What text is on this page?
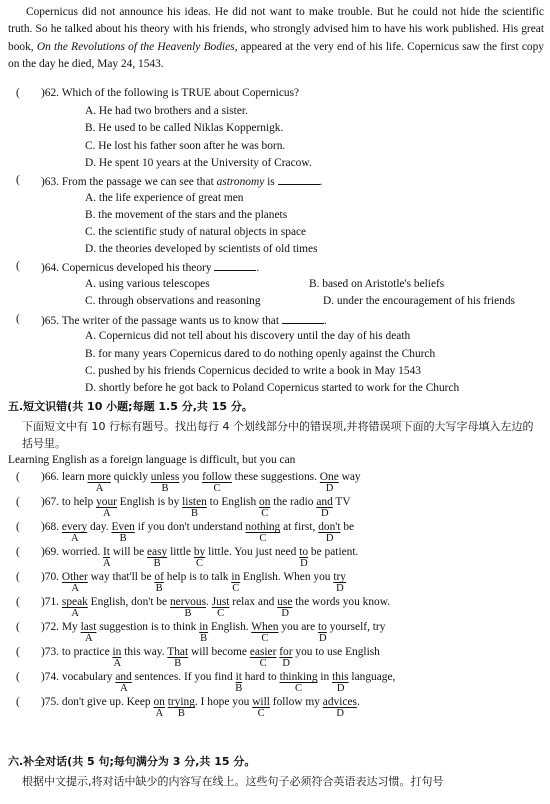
Copernicus did not announce his ideas. He did not want to make trouble. But he could not hide the scientific truth. So he talked about his theory with his friends, who strongly advised him to have his work published. His great book, On the Revolutions of the Heavenly Bodies, appeared at the very end of his life. Copernicus saw the first copy on the day he died, May 24, 1543.
( )62. Which of the following is TRUE about Copernicus?
A. He had two brothers and a sister.
B. He used to be called Niklas Koppernigk.
C. He lost his father soon after he was born.
D. He spent 10 years at the University of Cracow.
( )63. From the passage we can see that astronomy is	.
A. the life experience of great men
B. the movement of the stars and the planets
C. the scientific study of natural objects in space
D. the theories developed by scientists of old times
( )64. Copernicus developed his theory	.
A. using various telescopes	B. based on Aristotle's beliefs
C. through observations and reasoning	D. under the encouragement of his friends
( )65. The writer of the passage wants us to know that	.
A. Copernicus did not tell about his discovery until the day of his death
B. for many years Copernicus dared to do nothing openly against the Church
C. pushed by his friends Copernicus decided to write a book in May 1543
D. shortly before he got back to Poland Copernicus started to work for the Church
五.短文识错(共 10 小题;每题 1.5 分,共 15 分。
下面短文中有 10 行标有题号。找出每行 4 个划线部分中的错误项,并将错误项下面的大写字母填入左边的括号里。
Learning English as a foreign language is difficult, but you can
( )66. learn more quickly unless you follow these suggestions. One way
( )67. to help your English is by listen to English on the radio and TV
( )68. every day. Even if you don't understand nothing at first, don't be
( )69. worried. It will be easy little by little. You just need to be patient.
( )70. Other way that'll be of help is to talk in English. When you try
( )71. speak English, don't be nervous. Just relax and use the words you know.
( )72. My last suggestion is to think in English. When you are to yourself, try
( )73. to practice in this way. That will become easier for you to use English
( )74. vocabulary and sentences. If you find it hard to thinking in this language,
( )75. don't give up. Keep on trying. I hope you will follow my advices.
六.补全对话(共 5 句;每句满分为 3 分,共 15 分。
根据中文提示,将对话中缺少的内容写在线上。这些句子必须符合英语表达习惯。打句号
A	B	C	D
A	B	C	D
A	B	C	D
A	B	C	D
A	B	C	D
A	B C	D
A	B	C	D
A	B	C D
A	B	C	D
A B	C	D
